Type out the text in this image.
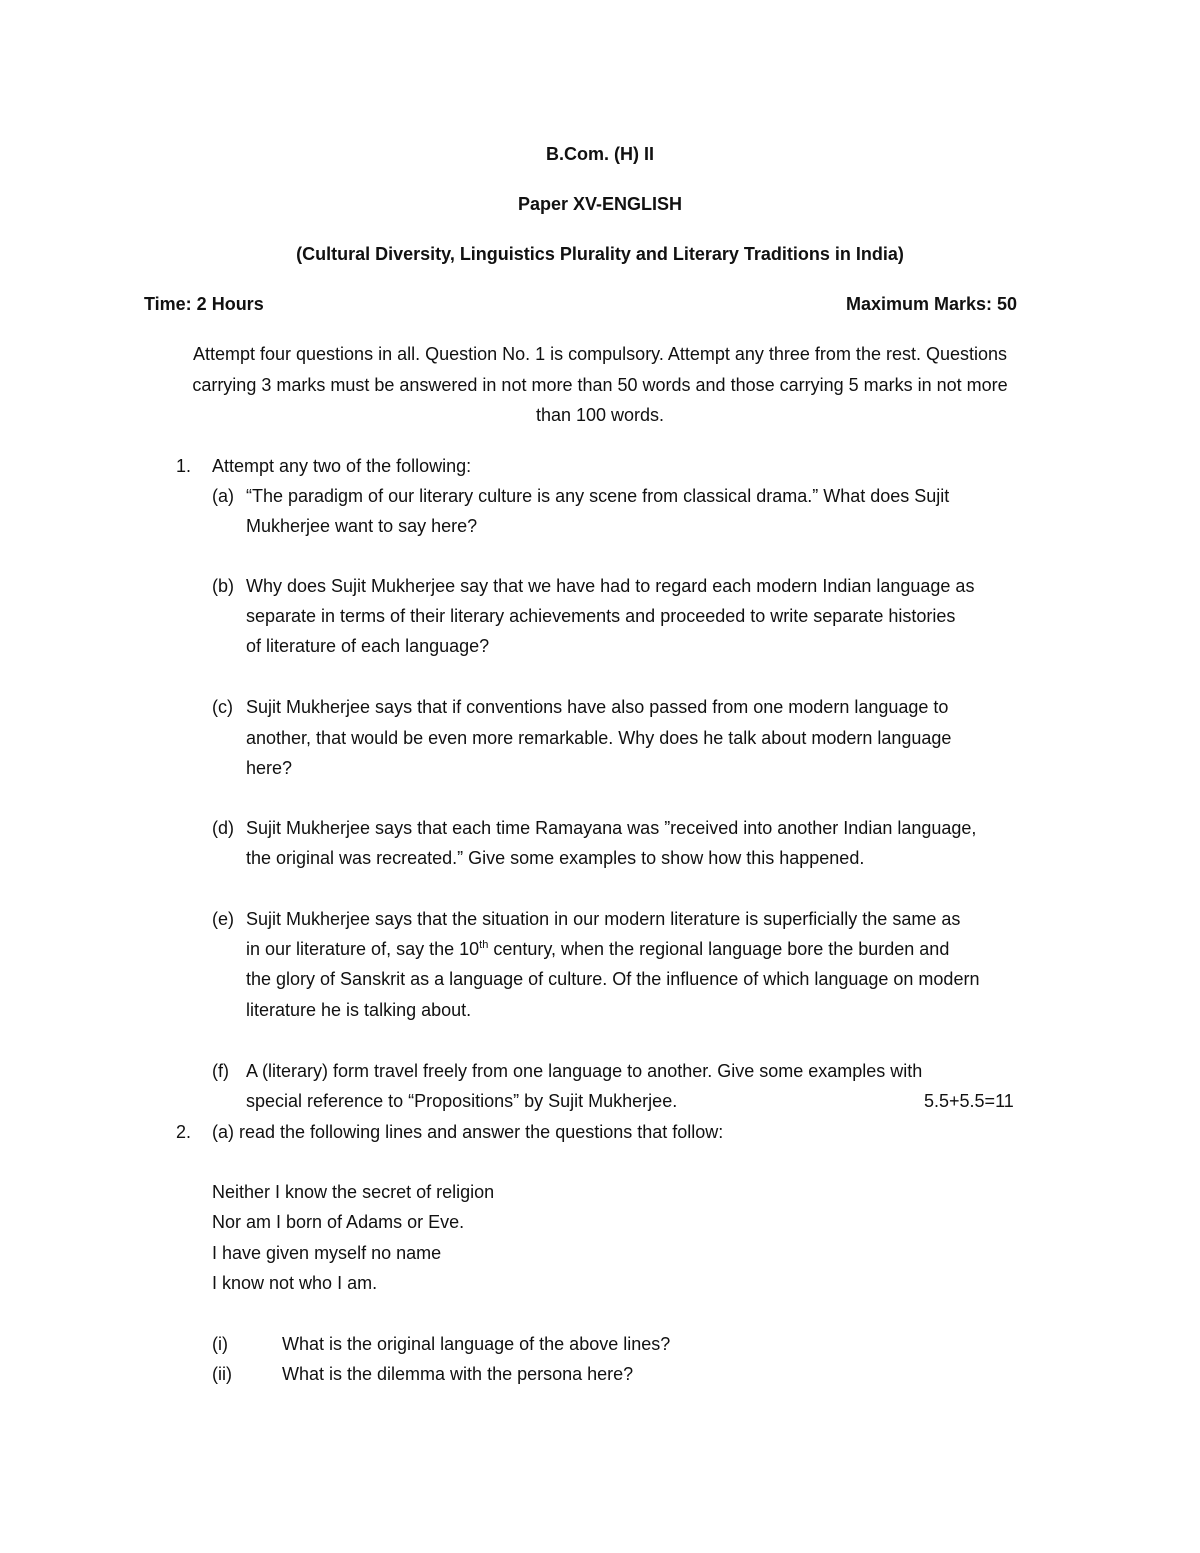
B.Com. (H) II
Paper XV-ENGLISH
(Cultural Diversity, Linguistics Plurality and Literary Traditions in India)
Time: 2 Hours	Maximum Marks: 50
Attempt four questions in all. Question No. 1 is compulsory. Attempt any three from the rest. Questions
carrying 3 marks must be answered in not more than 50 words and those carrying 5 marks in not more
than 100 words.
1. Attempt any two of the following:
(a) “The paradigm of our literary culture is any scene from classical drama.” What does Sujit
Mukherjee want to say here?
(b) Why does Sujit Mukherjee say that we have had to regard each modern Indian language as
separate in terms of their literary achievements and proceeded to write separate histories
of literature of each language?
(c) Sujit Mukherjee says that if conventions have also passed from one modern language to
another, that would be even more remarkable. Why does he talk about modern language
here?
(d) Sujit Mukherjee says that each time Ramayana was ”received into another Indian language,
the original was recreated.” Give some examples to show how this happened.
(e) Sujit Mukherjee says that the situation in our modern literature is superficially the same as
in our literature of, say the 10th century, when the regional language bore the burden and
the glory of Sanskrit as a language of culture. Of the influence of which language on modern
literature he is talking about.
(f) A (literary) form travel freely from one language to another. Give some examples with
special reference to “Propositions” by Sujit Mukherjee.	5.5+5.5=11
2. (a) read the following lines and answer the questions that follow:
Neither I know the secret of religion
Nor am I born of Adams or Eve.
I have given myself no name
I know not who I am.
(i)	What is the original language of the above lines?
(ii)	What is the dilemma with the persona here?
